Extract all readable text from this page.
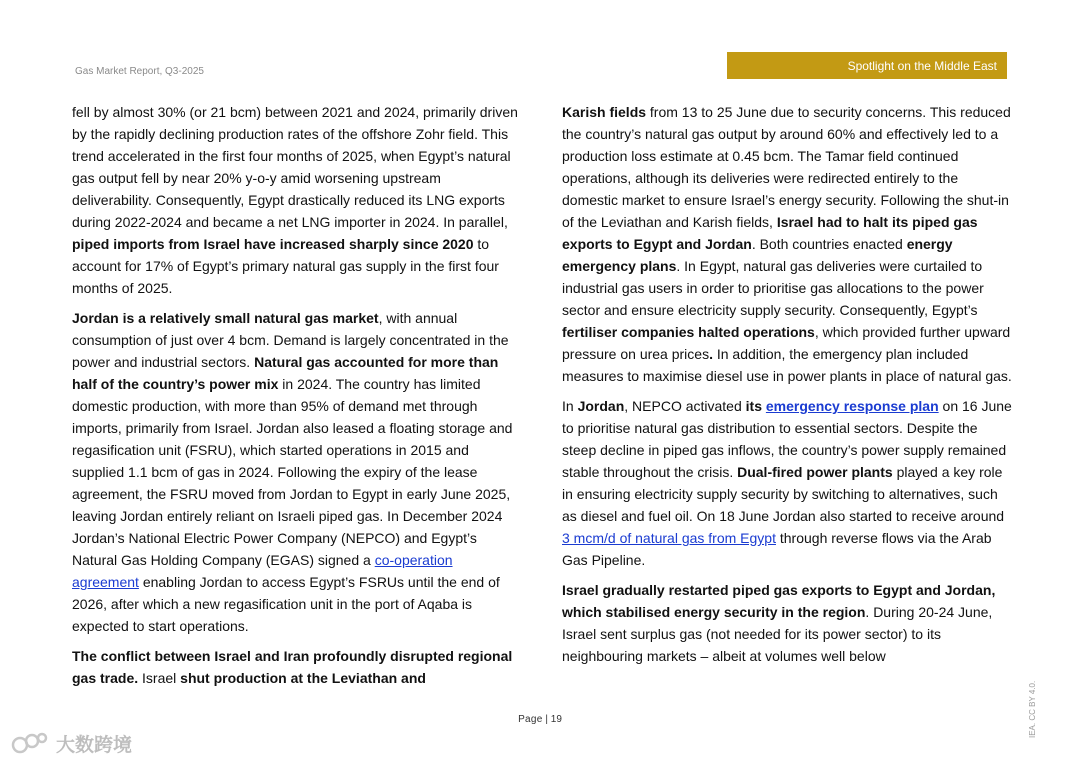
Gas Market Report, Q3-2025	Spotlight on the Middle East

fell by almost 30% (or 21 bcm) between 2021 and 2024, primarily driven by the rapidly declining production rates of the offshore Zohr field. This trend accelerated in the first four months of 2025, when Egypt’s natural gas output fell by near 20% y-o-y amid worsening upstream deliverability. Consequently, Egypt drastically reduced its LNG exports during 2022-2024 and became a net LNG importer in 2024. In parallel, piped imports from Israel have increased sharply since 2020 to account for 17% of Egypt’s primary natural gas supply in the first four months of 2025.

Jordan is a relatively small natural gas market, with annual consumption of just over 4 bcm. Demand is largely concentrated in the power and industrial sectors. Natural gas accounted for more than half of the country’s power mix in 2024. The country has limited domestic production, with more than 95% of demand met through imports, primarily from Israel. Jordan also leased a floating storage and regasification unit (FSRU), which started operations in 2015 and supplied 1.1 bcm of gas in 2024. Following the expiry of the lease agreement, the FSRU moved from Jordan to Egypt in early June 2025, leaving Jordan entirely reliant on Israeli piped gas. In December 2024 Jordan’s National Electric Power Company (NEPCO) and Egypt’s Natural Gas Holding Company (EGAS) signed a co-operation agreement enabling Jordan to access Egypt’s FSRUs until the end of 2026, after which a new regasification unit in the port of Aqaba is expected to start operations.

The conflict between Israel and Iran profoundly disrupted regional gas trade. Israel shut production at the Leviathan and

Karish fields from 13 to 25 June due to security concerns. This reduced the country’s natural gas output by around 60% and effectively led to a production loss estimate at 0.45 bcm. The Tamar field continued operations, although its deliveries were redirected entirely to the domestic market to ensure Israel’s energy security. Following the shut-in of the Leviathan and Karish fields, Israel had to halt its piped gas exports to Egypt and Jordan. Both countries enacted energy emergency plans. In Egypt, natural gas deliveries were curtailed to industrial gas users in order to prioritise gas allocations to the power sector and ensure electricity supply security. Consequently, Egypt’s fertiliser companies halted operations, which provided further upward pressure on urea prices. In addition, the emergency plan included measures to maximise diesel use in power plants in place of natural gas.

In Jordan, NEPCO activated its emergency response plan on 16 June to prioritise natural gas distribution to essential sectors. Despite the steep decline in piped gas inflows, the country’s power supply remained stable throughout the crisis. Dual-fired power plants played a key role in ensuring electricity supply security by switching to alternatives, such as diesel and fuel oil. On 18 June Jordan also started to receive around 3 mcm/d of natural gas from Egypt through reverse flows via the Arab Gas Pipeline.

Israel gradually restarted piped gas exports to Egypt and Jordan, which stabilised energy security in the region. During 20-24 June, Israel sent surplus gas (not needed for its power sector) to its neighbouring markets – albeit at volumes well below

Page | 19	IEA. CC BY 4.0.
大数跨境
